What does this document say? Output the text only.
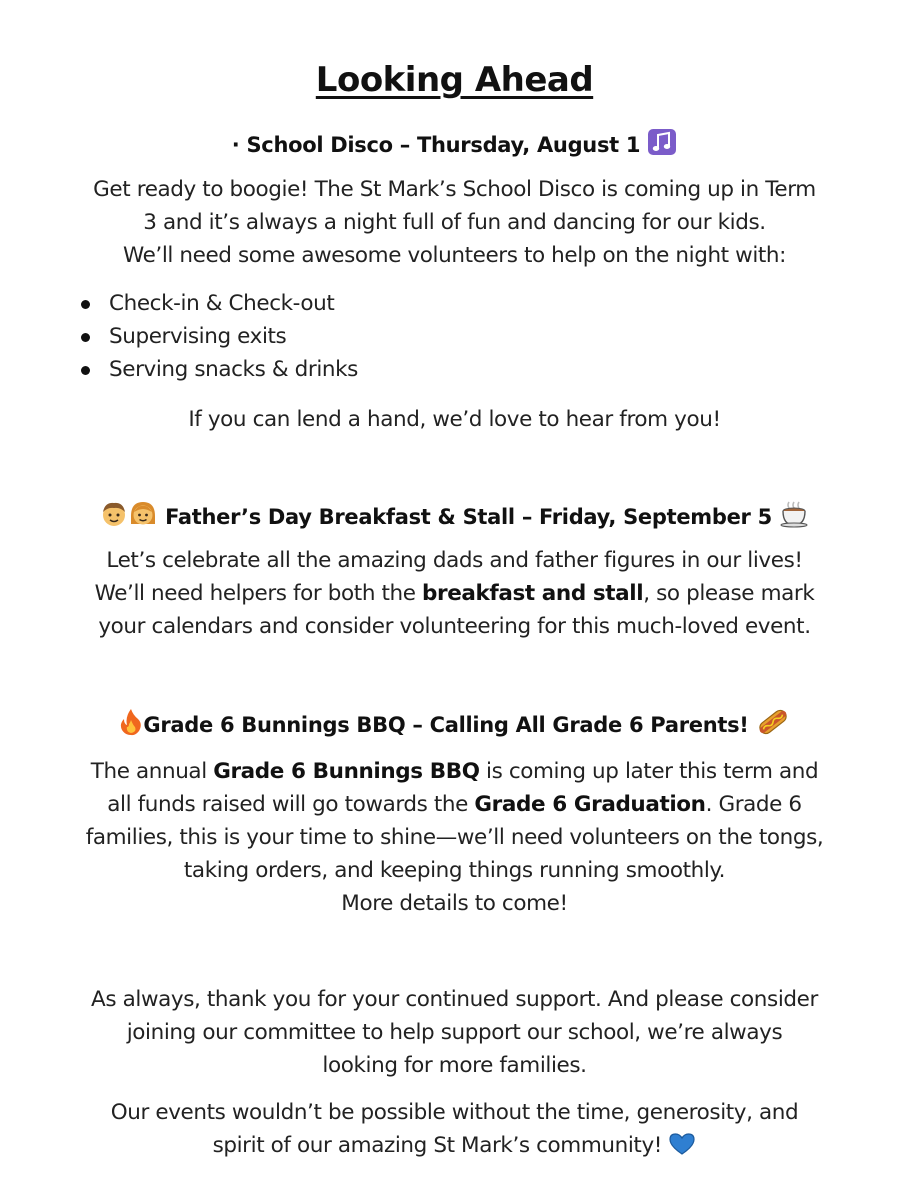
Looking Ahead
· School Disco – Thursday, August 1
Get ready to boogie! The St Mark’s School Disco is coming up in Term
3 and it’s always a night full of fun and dancing for our kids.
We’ll need some awesome volunteers to help on the night with:
Check-in & Check-out
Supervising exits
Serving snacks & drinks
If you can lend a hand, we’d love to hear from you!
Father’s Day Breakfast & Stall – Friday, September 5
Let’s celebrate all the amazing dads and father figures in our lives!
We’ll need helpers for both the breakfast and stall, so please mark
your calendars and consider volunteering for this much-loved event.
Grade 6 Bunnings BBQ – Calling All Grade 6 Parents!
The annual Grade 6 Bunnings BBQ is coming up later this term and
all funds raised will go towards the Grade 6 Graduation. Grade 6
families, this is your time to shine—we’ll need volunteers on the tongs,
taking orders, and keeping things running smoothly.
More details to come!
As always, thank you for your continued support. And please consider
joining our committee to help support our school, we’re always
looking for more families.
Our events wouldn’t be possible without the time, generosity, and
spirit of our amazing St Mark’s community!
